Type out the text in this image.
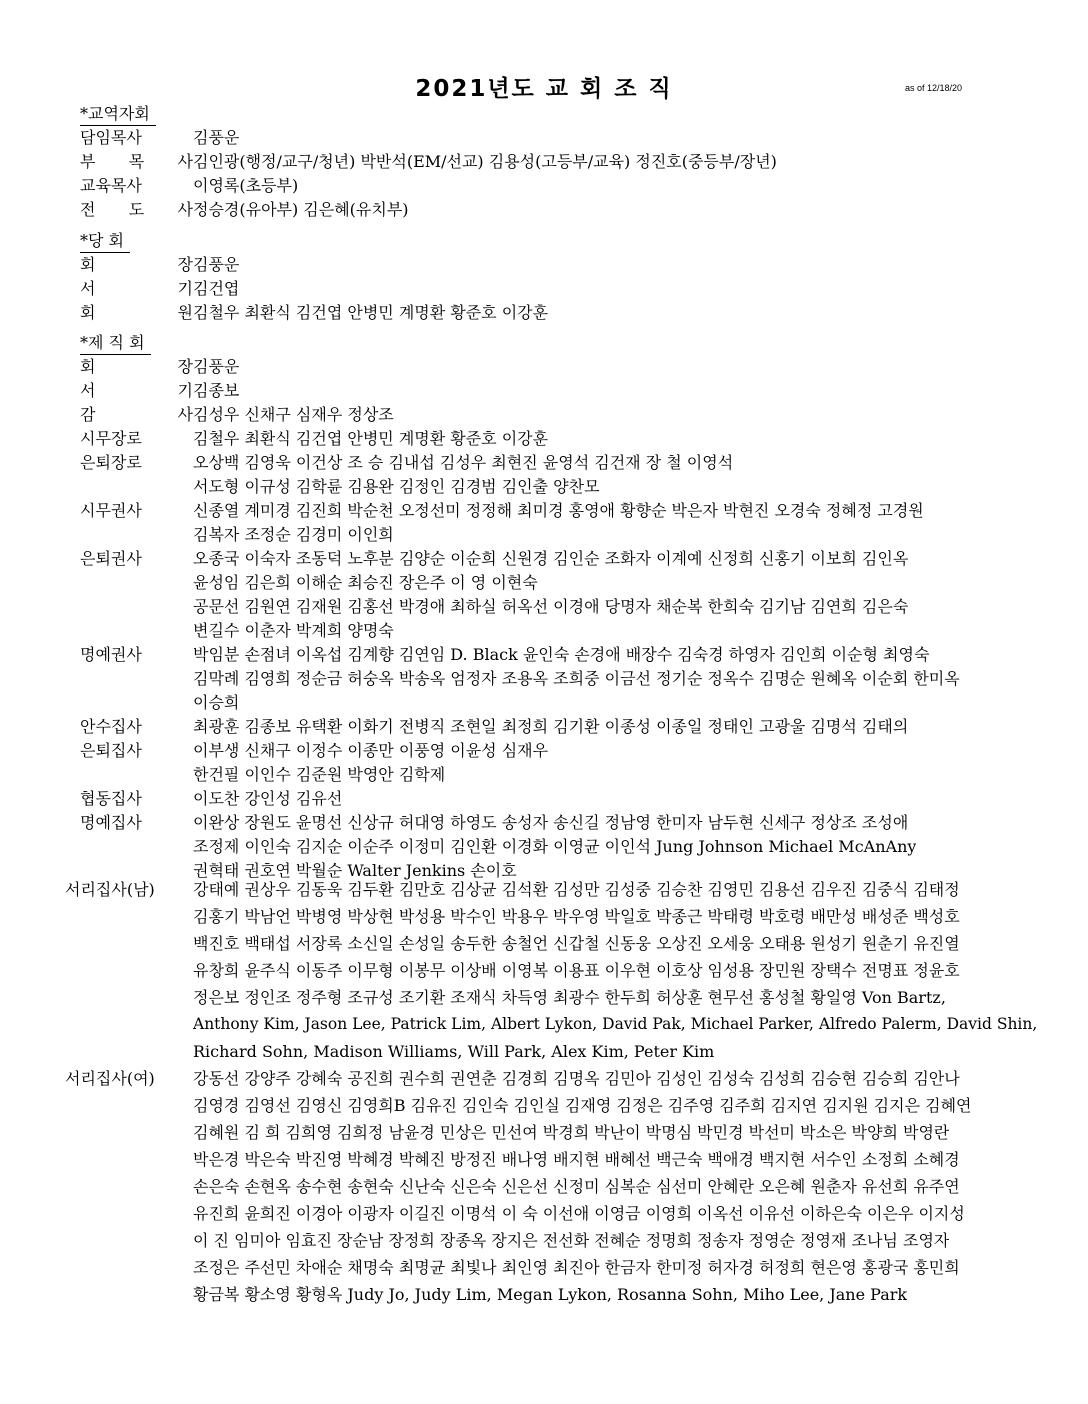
2021년도 교 회 조 직	as of 12/18/20
*교역자회
담임목사	김풍운
부 목 사 김인광(행정/교구/청년) 박반석(EM/선교) 김용성(고등부/교육) 정진호(중등부/장년)
교육목사	이영록(초등부)
전 도 사 정승경(유아부) 김은혜(유치부)
*당 회
회 장 김풍운
서 기 김건엽
회 원 김철우 최환식 김건엽 안병민 계명환 황준호 이강훈
*제 직 회
회 장 김풍운
서 기 김종보
감 사 김성우 신채구 심재우 정상조
시무장로	김철우 최환식 김건엽 안병민 계명환 황준호 이강훈
은퇴장로	오상백 김영욱 이건상 조 승 김내섭 김성우 최현진 윤영석 김건재 장 철 이영석
서도형 이규성 김학륜 김용완 김정인 김경범 김인출 양찬모
시무권사	신종열 계미경 김진희 박순천 오정선미 정정해 최미경 홍영애 황향순 박은자 박현진 오경숙 정혜정 고경원
김복자 조정순 김경미 이인희
은퇴권사	오종국 이숙자 조동덕 노후분 김양순 이순희 신원경 김인순 조화자 이계예 신정희 신홍기 이보희 김인옥
윤성임 김은희 이해순 최승진 장은주 이 영 이현숙
공문선 김원연 김재원 김홍선 박경애 최하실 허옥선 이경애 당명자 채순복 한희숙 김기남 김연희 김은숙
변길수 이춘자 박계희 양명숙
명예권사	박임분 손점녀 이옥섭 김계향 김연임 D. Black 윤인숙 손경애 배장수 김숙경 하영자 김인희 이순형 최영숙
김막례 김영희 정순금 허숭옥 박송옥 엄정자 조용옥 조희중 이금선 정기순 정옥수 김명순 원혜옥 이순회 한미옥
이승희
안수집사	최광훈 김종보 유택환 이화기 전병직 조현일 최정희 김기환 이종성 이종일 정태인 고광울 김명석 김태의
은퇴집사	이부생 신채구 이정수 이종만 이풍영 이윤성 심재우
한건필 이인수 김준원 박영안 김학제
협동집사	이도찬 강인성 김유선
명예집사	이완상 장원도 윤명선 신상규 허대영 하영도 송성자 송신길 정남영 한미자 남두현 신세구 정상조 조성애
조정제 이인숙 김지순 이순주 이정미 김인환 이경화 이영균 이인석 Jung Johnson Michael McAnAny
권혁태 권호연 박월순 Walter Jenkins 손이호
서리집사(남)	강태예 권상우 김동욱 김두환 김만호 김상균 김석환 김성만 김성중 김승찬 김영민 김용선 김우진 김중식 김태정
김홍기 박남언 박병영 박상현 박성용 박수인 박용우 박우영 박일호 박종근 박태령 박호령 배만성 배성준 백성호
백진호 백태섭 서장록 소신일 손성일 송두한 송철언 신갑철 신동웅 오상진 오세웅 오태용 원성기 원춘기 유진열
유창희 윤주식 이동주 이무형 이봉무 이상배 이영복 이용표 이우현 이호상 임성용 장민원 장택수 전명표 정윤호
정은보 정인조 정주형 조규성 조기환 조재식 차득영 최광수 한두희 허상훈 현무선 홍성철 황일영 Von Bartz,
Anthony Kim, Jason Lee, Patrick Lim, Albert Lykon, David Pak, Michael Parker, Alfredo Palerm, David Shin,
Richard Sohn, Madison Williams, Will Park, Alex Kim, Peter Kim
서리집사(여)	강동선 강양주 강혜숙 공진희 권수희 권연춘 김경희 김명옥 김민아 김성인 김성숙 김성희 김승현 김승희 김안나
김영경 김영선 김영신 김영희B 김유진 김인숙 김인실 김재영 김정은 김주영 김주희 김지연 김지원 김지은 김혜연
김혜원 김 희 김희영 김희정 남윤경 민상은 민선여 박경희 박난이 박명심 박민경 박선미 박소은 박양희 박영란
박은경 박은숙 박진영 박혜경 박혜진 방정진 배나영 배지현 배혜선 백근숙 백애경 백지현 서수인 소정희 소혜경
손은숙 손현옥 송수현 송현숙 신난숙 신은숙 신은선 신정미 심복순 심선미 안혜란 오은혜 원춘자 유선희 유주연
유진희 윤희진 이경아 이광자 이길진 이명석 이 숙 이선애 이영금 이영희 이옥선 이유선 이하은숙 이은우 이지성
이 진 임미아 임효진 장순남 장정희 장종옥 장지은 전선화 전혜순 정명희 정송자 정영순 정영재 조나님 조영자
조정은 주선민 차애순 채명숙 최명균 최빛나 최인영 최진아 한금자 한미정 허자경 허정희 현은영 홍광국 홍민희
황금복 황소영 황형옥 Judy Jo, Judy Lim, Megan Lykon, Rosanna Sohn, Miho Lee, Jane Park
